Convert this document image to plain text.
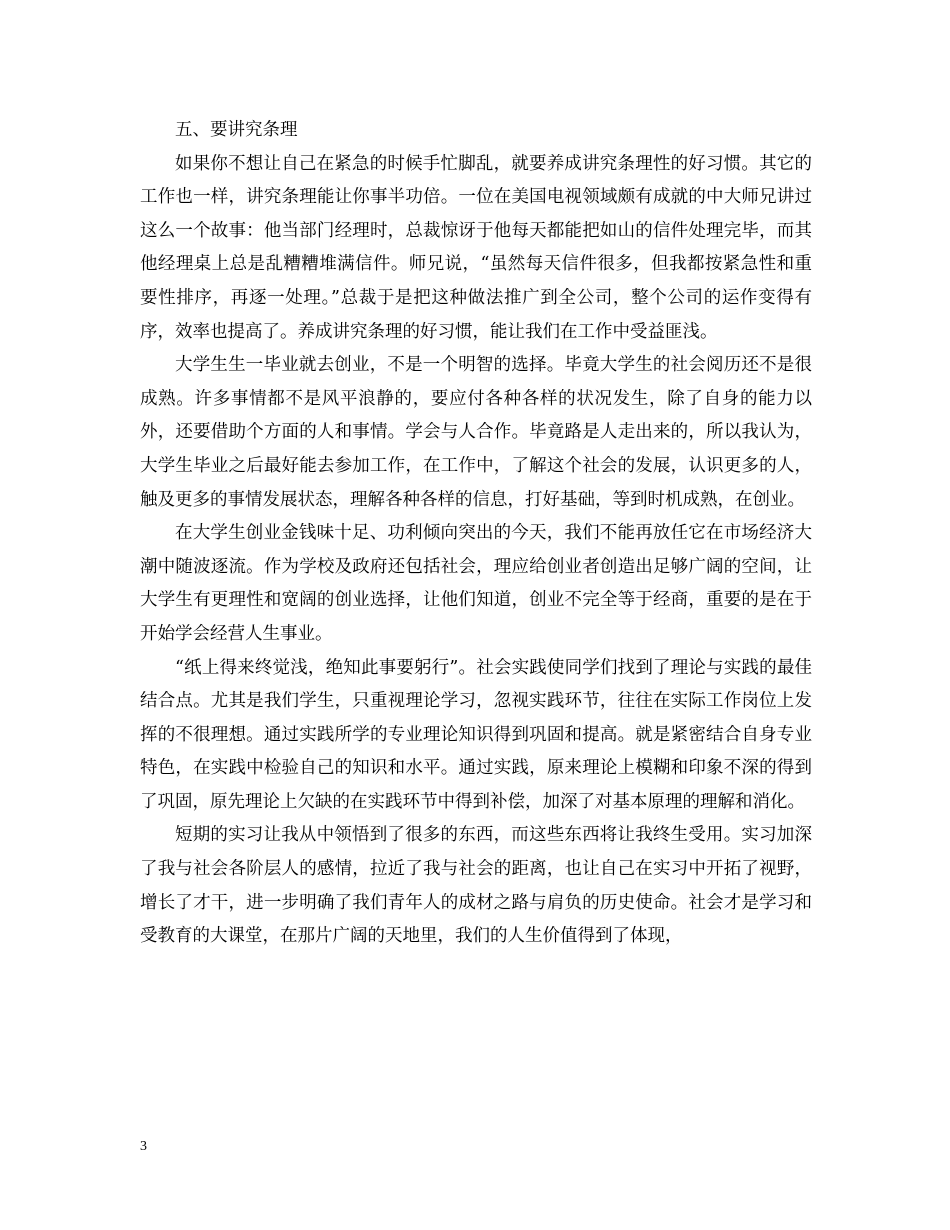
五、要讲究条理

如果你不想让自己在紧急的时候手忙脚乱，就要养成讲究条理性的好习惯。其它的工作也一样，讲究条理能让你事半功倍。一位在美国电视领域颇有成就的中大师兄讲过这么一个故事：他当部门经理时，总裁惊讶于他每天都能把如山的信件处理完毕，而其他经理桌上总是乱糟糟堆满信件。师兄说，“虽然每天信件很多，但我都按紧急性和重要性排序，再逐一处理。”总裁于是把这种做法推广到全公司，整个公司的运作变得有序，效率也提高了。养成讲究条理的好习惯，能让我们在工作中受益匪浅。

大学生生一毕业就去创业，不是一个明智的选择。毕竟大学生的社会阅历还不是很成熟。许多事情都不是风平浪静的，要应付各种各样的状况发生，除了自身的能力以外，还要借助个方面的人和事情。学会与人合作。毕竟路是人走出来的，所以我认为，大学生毕业之后最好能去参加工作，在工作中，了解这个社会的发展，认识更多的人，触及更多的事情发展状态，理解各种各样的信息，打好基础，等到时机成熟，在创业。

在大学生创业金钱味十足、功利倾向突出的今天，我们不能再放任它在市场经济大潮中随波逐流。作为学校及政府还包括社会，理应给创业者创造出足够广阔的空间，让大学生有更理性和宽阔的创业选择，让他们知道，创业不完全等于经商，重要的是在于开始学会经营人生事业。

“纸上得来终觉浅，绝知此事要躬行”。社会实践使同学们找到了理论与实践的最佳结合点。尤其是我们学生，只重视理论学习，忽视实践环节，往往在实际工作岗位上发挥的不很理想。通过实践所学的专业理论知识得到巩固和提高。就是紧密结合自身专业特色，在实践中检验自己的知识和水平。通过实践，原来理论上模糊和印象不深的得到了巩固，原先理论上欠缺的在实践环节中得到补偿，加深了对基本原理的理解和消化。

短期的实习让我从中领悟到了很多的东西，而这些东西将让我终生受用。实习加深了我与社会各阶层人的感情，拉近了我与社会的距离，也让自己在实习中开拓了视野，增长了才干，进一步明确了我们青年人的成材之路与肩负的历史使命。社会才是学习和受教育的大课堂，在那片广阔的天地里，我们的人生价值得到了体现，

3
